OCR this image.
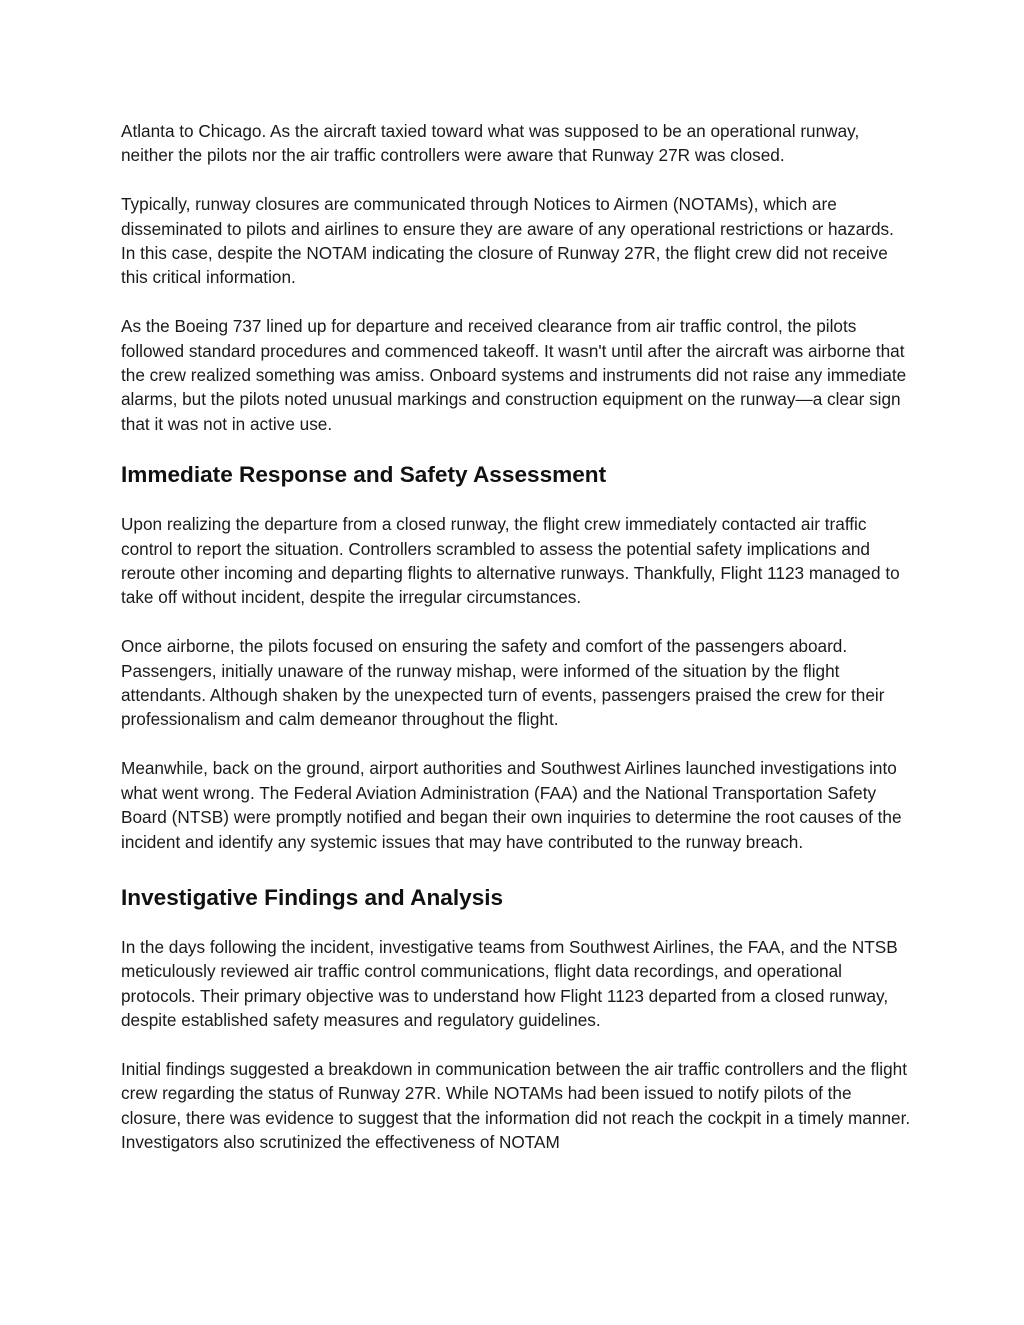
Atlanta to Chicago. As the aircraft taxied toward what was supposed to be an operational runway, neither the pilots nor the air traffic controllers were aware that Runway 27R was closed.

Typically, runway closures are communicated through Notices to Airmen (NOTAMs), which are disseminated to pilots and airlines to ensure they are aware of any operational restrictions or hazards. In this case, despite the NOTAM indicating the closure of Runway 27R, the flight crew did not receive this critical information.

As the Boeing 737 lined up for departure and received clearance from air traffic control, the pilots followed standard procedures and commenced takeoff. It wasn't until after the aircraft was airborne that the crew realized something was amiss. Onboard systems and instruments did not raise any immediate alarms, but the pilots noted unusual markings and construction equipment on the runway—a clear sign that it was not in active use.

Immediate Response and Safety Assessment

Upon realizing the departure from a closed runway, the flight crew immediately contacted air traffic control to report the situation. Controllers scrambled to assess the potential safety implications and reroute other incoming and departing flights to alternative runways. Thankfully, Flight 1123 managed to take off without incident, despite the irregular circumstances.

Once airborne, the pilots focused on ensuring the safety and comfort of the passengers aboard. Passengers, initially unaware of the runway mishap, were informed of the situation by the flight attendants. Although shaken by the unexpected turn of events, passengers praised the crew for their professionalism and calm demeanor throughout the flight.

Meanwhile, back on the ground, airport authorities and Southwest Airlines launched investigations into what went wrong. The Federal Aviation Administration (FAA) and the National Transportation Safety Board (NTSB) were promptly notified and began their own inquiries to determine the root causes of the incident and identify any systemic issues that may have contributed to the runway breach.

Investigative Findings and Analysis

In the days following the incident, investigative teams from Southwest Airlines, the FAA, and the NTSB meticulously reviewed air traffic control communications, flight data recordings, and operational protocols. Their primary objective was to understand how Flight 1123 departed from a closed runway, despite established safety measures and regulatory guidelines.

Initial findings suggested a breakdown in communication between the air traffic controllers and the flight crew regarding the status of Runway 27R. While NOTAMs had been issued to notify pilots of the closure, there was evidence to suggest that the information did not reach the cockpit in a timely manner. Investigators also scrutinized the effectiveness of NOTAM
